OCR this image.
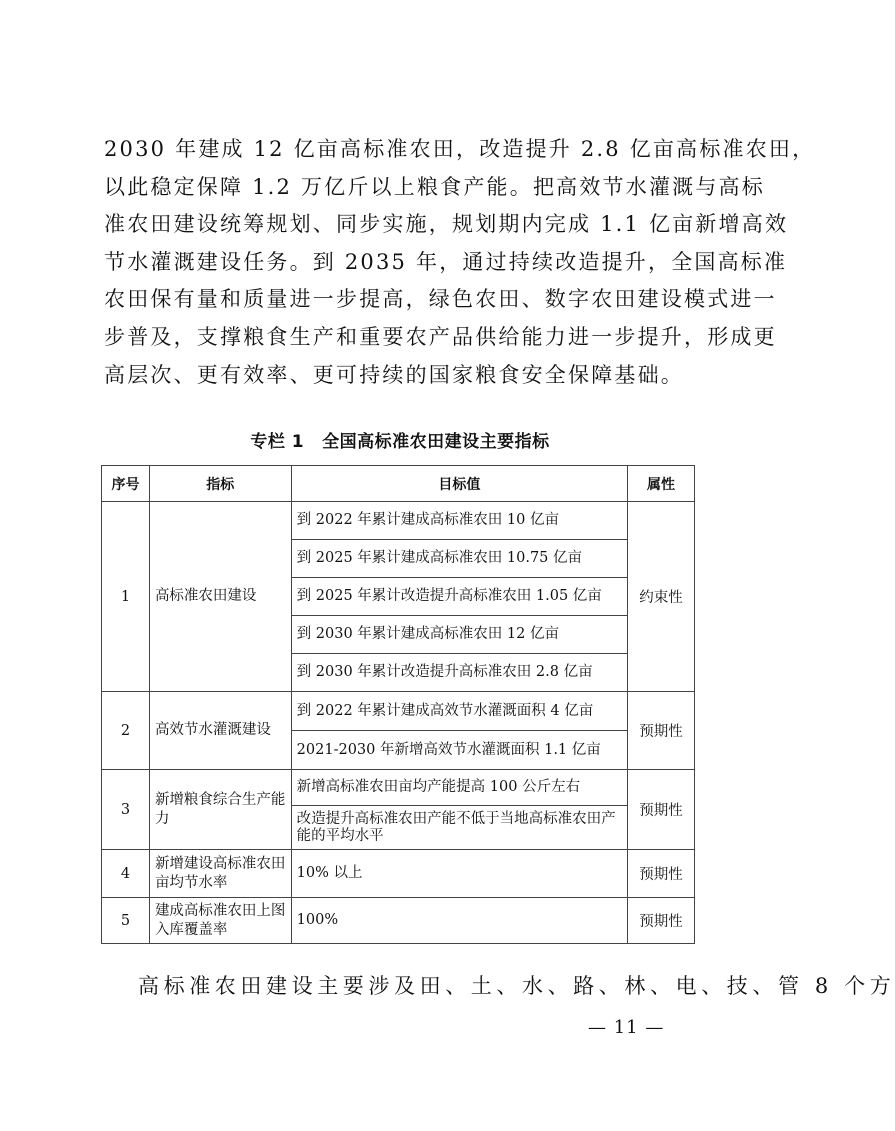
2030 年建成 12 亿亩高标准农田，改造提升 2.8 亿亩高标准农田，
以此稳定保障 1.2 万亿斤以上粮食产能。把高效节水灌溉与高标
准农田建设统筹规划、同步实施，规划期内完成 1.1 亿亩新增高效
节水灌溉建设任务。到 2035 年，通过持续改造提升，全国高标准
农田保有量和质量进一步提高，绿色农田、数字农田建设模式进一
步普及，支撑粮食生产和重要农产品供给能力进一步提升，形成更
高层次、更有效率、更可持续的国家粮食安全保障基础。
专栏 1 全国高标准农田建设主要指标
序号	指标	目标值	属性
1	高标准农田建设	到 2022 年累计建成高标准农田 10 亿亩	约束性
		到 2025 年累计建成高标准农田 10.75 亿亩	
		到 2025 年累计改造提升高标准农田 1.05 亿亩	
		到 2030 年累计建成高标准农田 12 亿亩	
		到 2030 年累计改造提升高标准农田 2.8 亿亩	
2	高效节水灌溉建设	到 2022 年累计建成高效节水灌溉面积 4 亿亩	预期性
		2021-2030 年新增高效节水灌溉面积 1.1 亿亩	
3	新增粮食综合生产能力	新增高标准农田亩均产能提高 100 公斤左右	预期性
		改造提升高标准农田产能不低于当地高标准农田产能的平均水平	
4	新增建设高标准农田亩均节水率	10% 以上	预期性
5	建成高标准农田上图入库覆盖率	100%	预期性
高标准农田建设主要涉及田、土、水、路、林、电、技、管 8 个方
— 11 —
